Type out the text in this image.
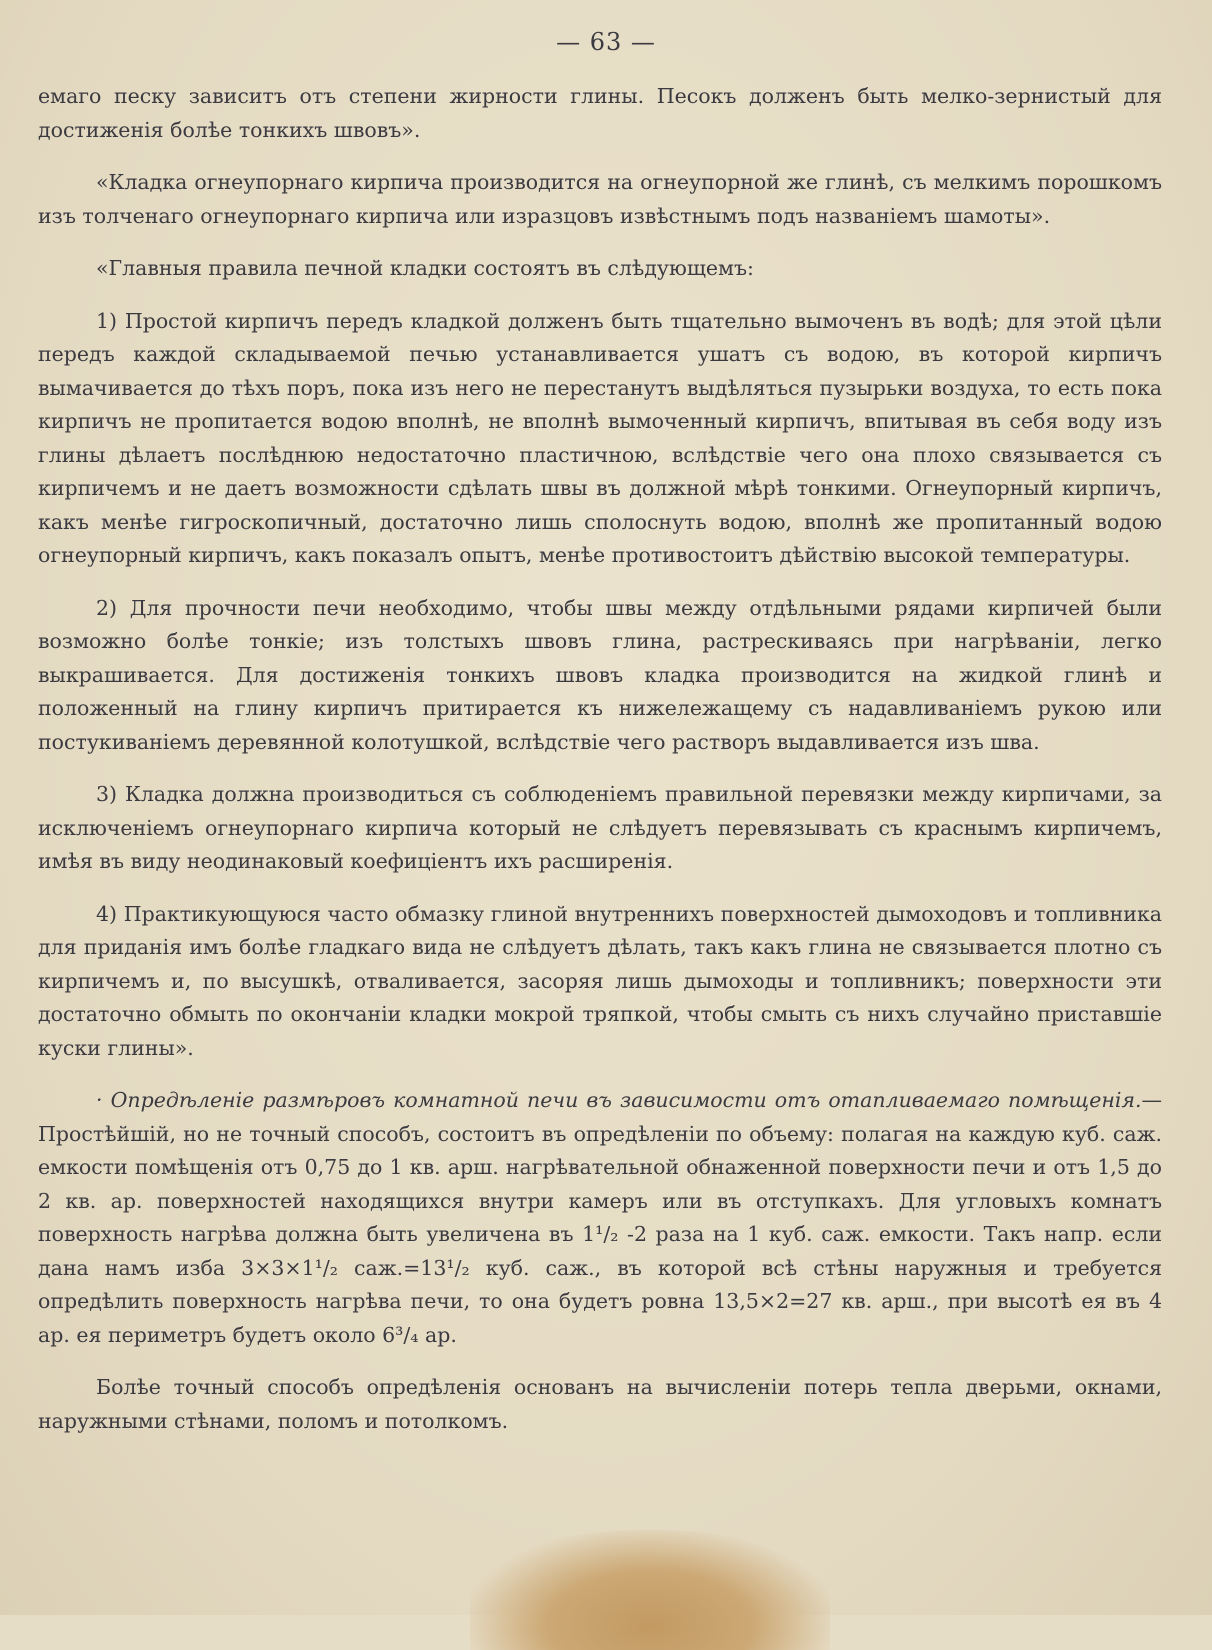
— 63 —

емаго песку зависитъ отъ степени жирности глины. Песокъ долженъ быть мелко-зернистый для достиженія болѣе тонкихъ швовъ».

«Кладка огнеупорнаго кирпича производится на огнеупорной же глинѣ, съ мелкимъ порошкомъ изъ толченаго огнеупорнаго кирпича или изразцовъ извѣстнымъ подъ названіемъ шамоты».

«Главныя правила печной кладки состоятъ въ слѣдующемъ:

1) Простой кирпичъ передъ кладкой долженъ быть тщательно вымоченъ въ водѣ; для этой цѣли передъ каждой складываемой печью устанавливается ушатъ съ водою, въ которой кирпичъ вымачивается до тѣхъ поръ, пока изъ него не перестанутъ выдѣляться пузырьки воздуха, то есть пока кирпичъ не пропитается водою вполнѣ, не вполнѣ вымоченный кирпичъ, впитывая въ себя воду изъ глины дѣлаетъ послѣднюю недостаточно пластичною, вслѣдствіе чего она плохо связывается съ кирпичемъ и не даетъ возможности сдѣлать швы въ должной мѣрѣ тонкими. Огнеупорный кирпичъ, какъ менѣе гигроскопичный, достаточно лишь сполоснуть водою, вполнѣ же пропитанный водою огнеупорный кирпичъ, какъ показалъ опытъ, менѣе противостоитъ дѣйствію высокой температуры.

2) Для прочности печи необходимо, чтобы швы между отдѣльными рядами кирпичей были возможно болѣе тонкіе; изъ толстыхъ швовъ глина, растрескиваясь при нагрѣваніи, легко выкрашивается. Для достиженія тонкихъ швовъ кладка производится на жидкой глинѣ и положенный на глину кирпичъ притирается къ нижележащему съ надавливаніемъ рукою или постукиваніемъ деревянной колотушкой, вслѣдствіе чего растворъ выдавливается изъ шва.

3) Кладка должна производиться съ соблюденіемъ правильной перевязки между кирпичами, за исключеніемъ огнеупорнаго кирпича который не слѣдуетъ перевязывать съ краснымъ кирпичемъ, имѣя въ виду неодинаковый коефиціентъ ихъ расширенія.

4) Практикующуюся часто обмазку глиной внутреннихъ поверхностей дымоходовъ и топливника для приданія имъ болѣе гладкаго вида не слѣдуетъ дѣлать, такъ какъ глина не связывается плотно съ кирпичемъ и, по высушкѣ, отваливается, засоряя лишь дымоходы и топливникъ; поверхности эти достаточно обмыть по окончаніи кладки мокрой тряпкой, чтобы смыть съ нихъ случайно приставшіе куски глины».

· Опредѣленіе размѣровъ комнатной печи въ зависимости отъ отапливаемаго помѣщенія.—Простѣйшій, но не точный способъ, состоитъ въ опредѣленіи по объему: полагая на каждую куб. саж. емкости помѣщенія отъ 0,75 до 1 кв. арш. нагрѣвательной обнаженной поверхности печи и отъ 1,5 до 2 кв. ар. поверхностей находящихся внутри камеръ или въ отступкахъ. Для угловыхъ комнатъ поверхность нагрѣва должна быть увеличена въ 1¹/₂ -2 раза на 1 куб. саж. емкости. Такъ напр. если дана намъ изба 3×3×1¹/₂ саж.=13¹/₂ куб. саж., въ которой всѣ стѣны наружныя и требуется опредѣлить поверхность нагрѣва печи, то она будетъ ровна 13,5×2=27 кв. арш., при высотѣ ея въ 4 ар. ея периметръ будетъ около 6³/₄ ар.

Болѣе точный способъ опредѣленія основанъ на вычисленіи потерь тепла дверьми, окнами, наружными стѣнами, поломъ и потолкомъ.
